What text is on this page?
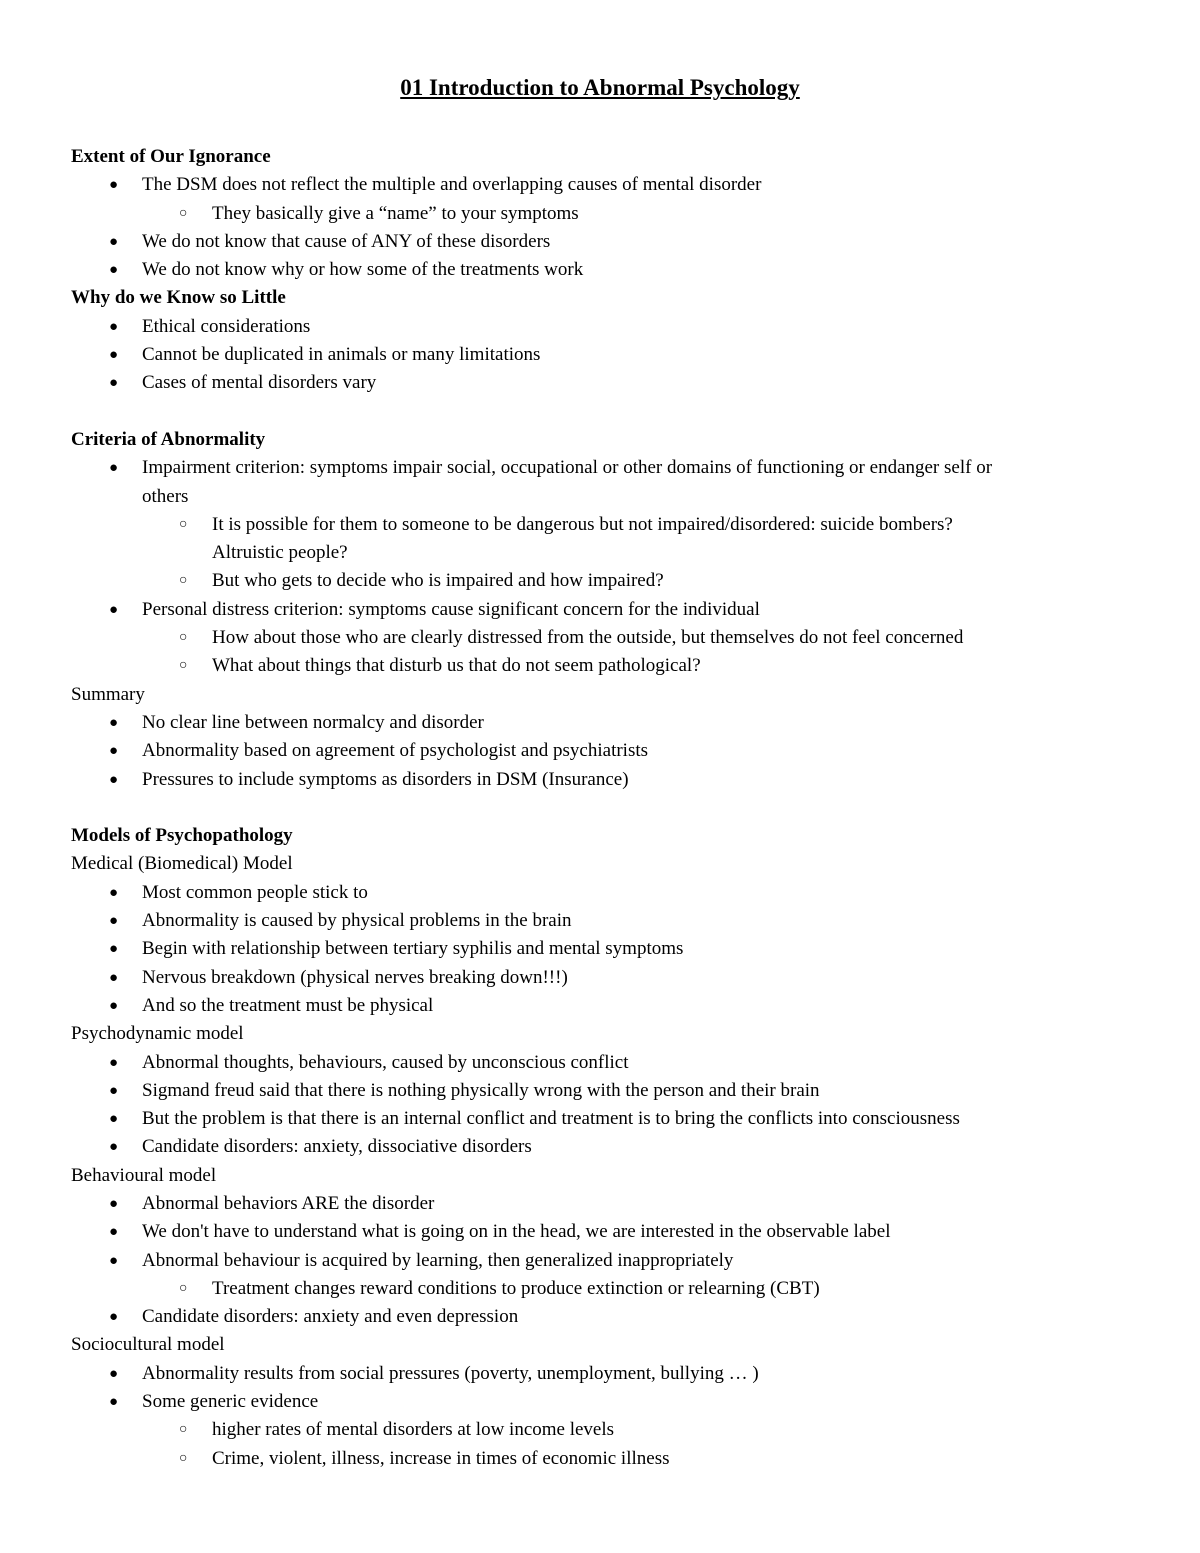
01 Introduction to Abnormal Psychology
Extent of Our Ignorance
● The DSM does not reflect the multiple and overlapping causes of mental disorder
○ They basically give a “name” to your symptoms
● We do not know that cause of ANY of these disorders
● We do not know why or how some of the treatments work
Why do we Know so Little
● Ethical considerations
● Cannot be duplicated in animals or many limitations
● Cases of mental disorders vary
Criteria of Abnormality
● Impairment criterion: symptoms impair social, occupational or other domains of functioning or endanger self or
others
○ It is possible for them to someone to be dangerous but not impaired/disordered: suicide bombers?
Altruistic people?
○ But who gets to decide who is impaired and how impaired?
● Personal distress criterion: symptoms cause significant concern for the individual
○ How about those who are clearly distressed from the outside, but themselves do not feel concerned
○ What about things that disturb us that do not seem pathological?
Summary
● No clear line between normalcy and disorder
● Abnormality based on agreement of psychologist and psychiatrists
● Pressures to include symptoms as disorders in DSM (Insurance)
Models of Psychopathology
Medical (Biomedical) Model
● Most common people stick to
● Abnormality is caused by physical problems in the brain
● Begin with relationship between tertiary syphilis and mental symptoms
● Nervous breakdown (physical nerves breaking down!!!)
● And so the treatment must be physical
Psychodynamic model
● Abnormal thoughts, behaviours, caused by unconscious conflict
● Sigmand freud said that there is nothing physically wrong with the person and their brain
● But the problem is that there is an internal conflict and treatment is to bring the conflicts into consciousness
● Candidate disorders: anxiety, dissociative disorders
Behavioural model
● Abnormal behaviors ARE the disorder
● We don't have to understand what is going on in the head, we are interested in the observable label
● Abnormal behaviour is acquired by learning, then generalized inappropriately
○ Treatment changes reward conditions to produce extinction or relearning (CBT)
● Candidate disorders: anxiety and even depression
Sociocultural model
● Abnormality results from social pressures (poverty, unemployment, bullying … )
● Some generic evidence
○ higher rates of mental disorders at low income levels
○ Crime, violent, illness, increase in times of economic illness
